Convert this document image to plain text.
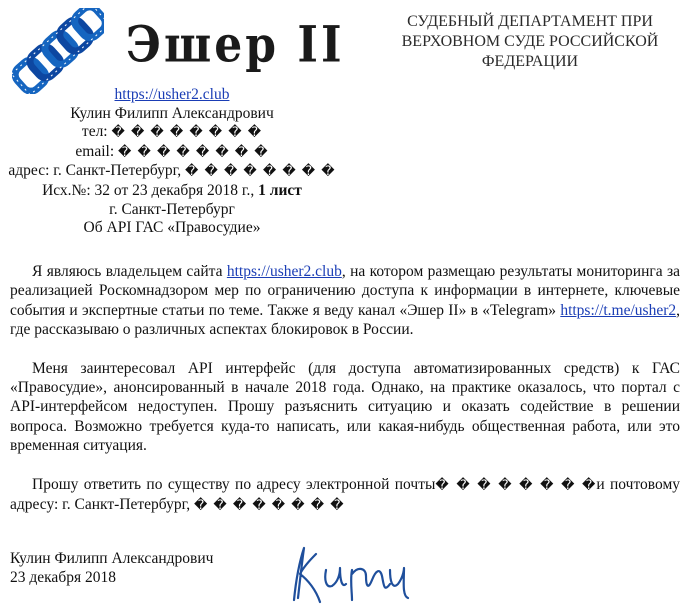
Эшер II	СУДЕБНЫЙ ДЕПАРТАМЕНТ ПРИ
ВЕРХОВНОМ СУДЕ РОССИЙСКОЙ
ФЕДЕРАЦИИ
https://usher2.club
Кулин Филипп Александрович
тел: � � � � � � � �
email: � � � � � � � �
адрес: г. Санкт-Петербург, � � � � � � � �
Исх.№: 32 от 23 декабря 2018 г., 1 лист
г. Санкт-Петербург
Об API ГАС «Правосудие»

Я являюсь владельцем сайта https://usher2.club, на котором размещаю результаты мониторинга за реализацией Роскомнадзором мер по ограничению доступа к информации в интернете, ключевые события и экспертные статьи по теме. Также я веду канал «Эшер II» в «Telegram» https://t.me/usher2, где рассказываю о различных аспектах блокировок в России.

Меня заинтересовал API интерфейс (для доступа автоматизированных средств) к ГАС «Правосудие», анонсированный в начале 2018 года. Однако, на практике оказалось, что портал с API-интерфейсом недоступен. Прошу разъяснить ситуацию и оказать содействие в решении вопроса. Возможно требуется куда-то написать, или какая-нибудь общественная работа, или это временная ситуация.

Прошу ответить по существу по адресу электронной почты� � � � � � � �и почтовому адресу: г. Санкт-Петербург, � � � � � � � �

Кулин Филипп Александрович
23 декабря 2018
